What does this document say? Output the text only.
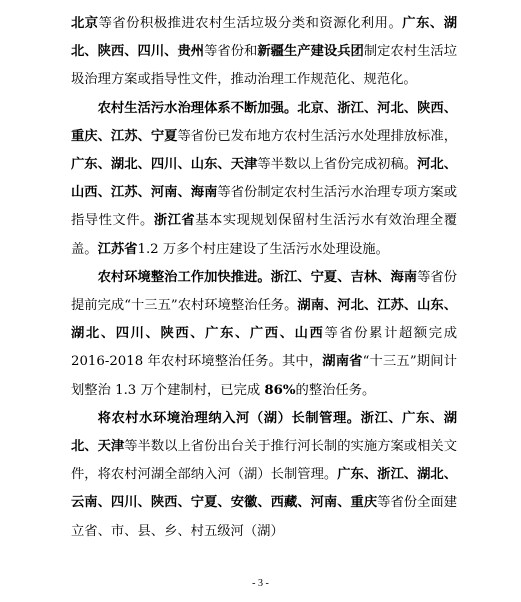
北京等省份积极推进农村生活垃圾分类和资源化利用。广东、湖北、陕西、四川、贵州等省份和新疆生产建设兵团制定农村生活垃圾治理方案或指导性文件，推动治理工作规范化、规范化。

农村生活污水治理体系不断加强。北京、浙江、河北、陕西、重庆、江苏、宁夏等省份已发布地方农村生活污水处理排放标准，广东、湖北、四川、山东、天津等半数以上省份完成初稿。河北、山西、江苏、河南、海南等省份制定农村生活污水治理专项方案或指导性文件。浙江省基本实现规划保留村生活污水有效治理全覆盖。江苏省1.2 万多个村庄建设了生活污水处理设施。

农村环境整治工作加快推进。浙江、宁夏、吉林、海南等省份提前完成“十三五”农村环境整治任务。湖南、河北、江苏、山东、湖北、四川、陕西、广东、广西、山西等省份累计超额完成 2016-2018 年农村环境整治任务。其中，湖南省“十三五”期间计划整治 1.3 万个建制村，已完成 86%的整治任务。

将农村水环境治理纳入河（湖）长制管理。浙江、广东、湖北、天津等半数以上省份出台关于推行河长制的实施方案或相关文件，将农村河湖全部纳入河（湖）长制管理。广东、浙江、湖北、云南、四川、陕西、宁夏、安徽、西藏、河南、重庆等省份全面建立省、市、县、乡、村五级河（湖）

- 3 -
